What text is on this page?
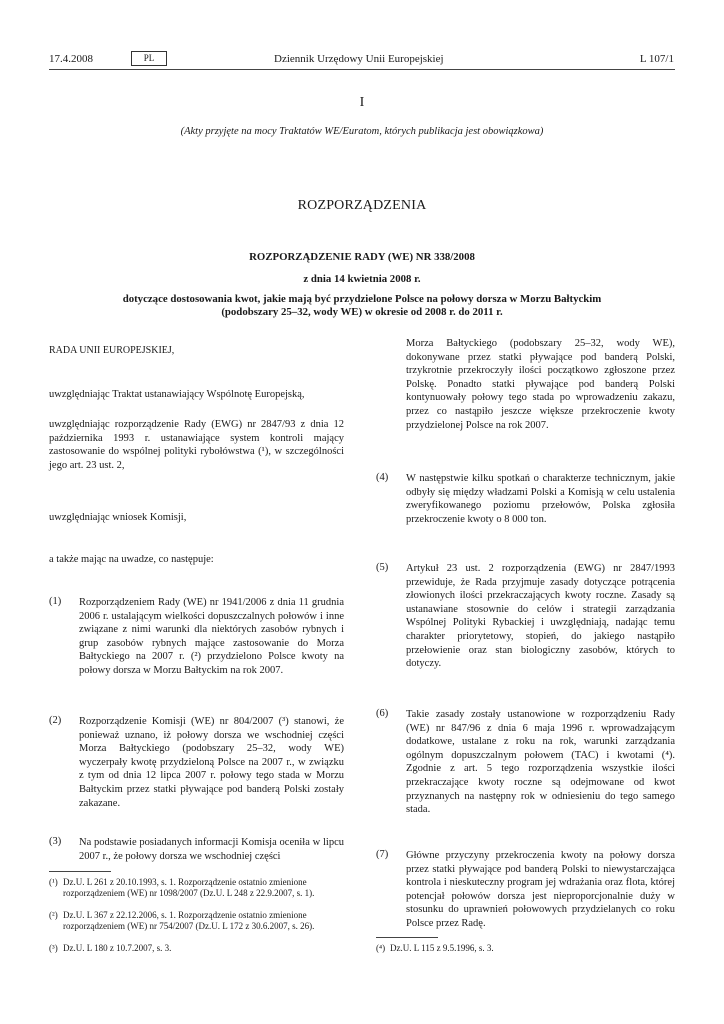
17.4.2008	PL	Dziennik Urzędowy Unii Europejskiej	L 107/1
I
(Akty przyjęte na mocy Traktatów WE/Euratom, których publikacja jest obowiązkowa)
ROZPORZĄDZENIA
ROZPORZĄDZENIE RADY (WE) NR 338/2008
z dnia 14 kwietnia 2008 r.
dotyczące dostosowania kwot, jakie mają być przydzielone Polsce na połowy dorsza w Morzu Bałtyckim (podobszary 25–32, wody WE) w okresie od 2008 r. do 2011 r.

RADA UNII EUROPEJSKIEJ,

uwzględniając Traktat ustanawiający Wspólnotę Europejską,

uwzględniając rozporządzenie Rady (EWG) nr 2847/93 z dnia 12 października 1993 r. ustanawiające system kontroli mający zastosowanie do wspólnej polityki rybołówstwa (¹), w szczególności jego art. 23 ust. 2,

uwzględniając wniosek Komisji,

a także mając na uwadze, co następuje:

(1) Rozporządzeniem Rady (WE) nr 1941/2006 z dnia 11 grudnia 2006 r. ustalającym wielkości dopuszczalnych połowów i inne związane z nimi warunki dla niektórych zasobów rybnych i grup zasobów rybnych mające zastosowanie do Morza Bałtyckiego na 2007 r. (²) przydzielono Polsce kwoty na połowy dorsza w Morzu Bałtyckim na rok 2007.

(2) Rozporządzenie Komisji (WE) nr 804/2007 (³) stanowi, że ponieważ uznano, iż połowy dorsza we wschodniej części Morza Bałtyckiego (podobszary 25–32, wody WE) wyczerpały kwotę przydzieloną Polsce na 2007 r., w związku z tym od dnia 12 lipca 2007 r. połowy tego stada w Morzu Bałtyckim przez statki pływające pod banderą Polski zostały zakazane.

(3) Na podstawie posiadanych informacji Komisja oceniła w lipcu 2007 r., że połowy dorsza we wschodniej części

(¹) Dz.U. L 261 z 20.10.1993, s. 1. Rozporządzenie ostatnio zmienione rozporządzeniem (WE) nr 1098/2007 (Dz.U. L 248 z 22.9.2007, s. 1).

(²) Dz.U. L 367 z 22.12.2006, s. 1. Rozporządzenie ostatnio zmienione rozporządzeniem (WE) nr 754/2007 (Dz.U. L 172 z 30.6.2007, s. 26).

(³) Dz.U. L 180 z 10.7.2007, s. 3.

Morza Bałtyckiego (podobszary 25–32, wody WE), dokonywane przez statki pływające pod banderą Polski, trzykrotnie przekroczyły ilości początkowo zgłoszone przez Polskę. Ponadto statki pływające pod banderą Polski kontynuowały połowy tego stada po wprowadzeniu zakazu, przez co nastąpiło jeszcze większe przekroczenie kwoty przydzielonej Polsce na rok 2007.

(4) W następstwie kilku spotkań o charakterze technicznym, jakie odbyły się między władzami Polski a Komisją w celu ustalenia zweryfikowanego poziomu przełowów, Polska zgłosiła przekroczenie kwoty o 8 000 ton.

(5) Artykuł 23 ust. 2 rozporządzenia (EWG) nr 2847/1993 przewiduje, że Rada przyjmuje zasady dotyczące potrącenia złowionych ilości przekraczających kwoty roczne. Zasady są ustanawiane stosownie do celów i strategii zarządzania Wspólnej Polityki Rybackiej i uwzględniają, nadając temu charakter priorytetowy, stopień, do jakiego nastąpiło przełowienie oraz stan biologiczny zasobów, których to dotyczy.

(6) Takie zasady zostały ustanowione w rozporządzeniu Rady (WE) nr 847/96 z dnia 6 maja 1996 r. wprowadzającym dodatkowe, ustalane z roku na rok, warunki zarządzania ogólnym dopuszczalnym połowem (TAC) i kwotami (⁴). Zgodnie z art. 5 tego rozporządzenia wszystkie ilości przekraczające kwoty roczne są odejmowane od kwot przyznanych na następny rok w odniesieniu do tego samego stada.

(7) Główne przyczyny przekroczenia kwoty na połowy dorsza przez statki pływające pod banderą Polski to niewystarczająca kontrola i nieskuteczny program jej wdrażania oraz flota, której potencjał połowów dorsza jest nieproporcjonalnie duży w stosunku do uprawnień połowowych przydzielanych co roku Polsce przez Radę.

(⁴) Dz.U. L 115 z 9.5.1996, s. 3.
